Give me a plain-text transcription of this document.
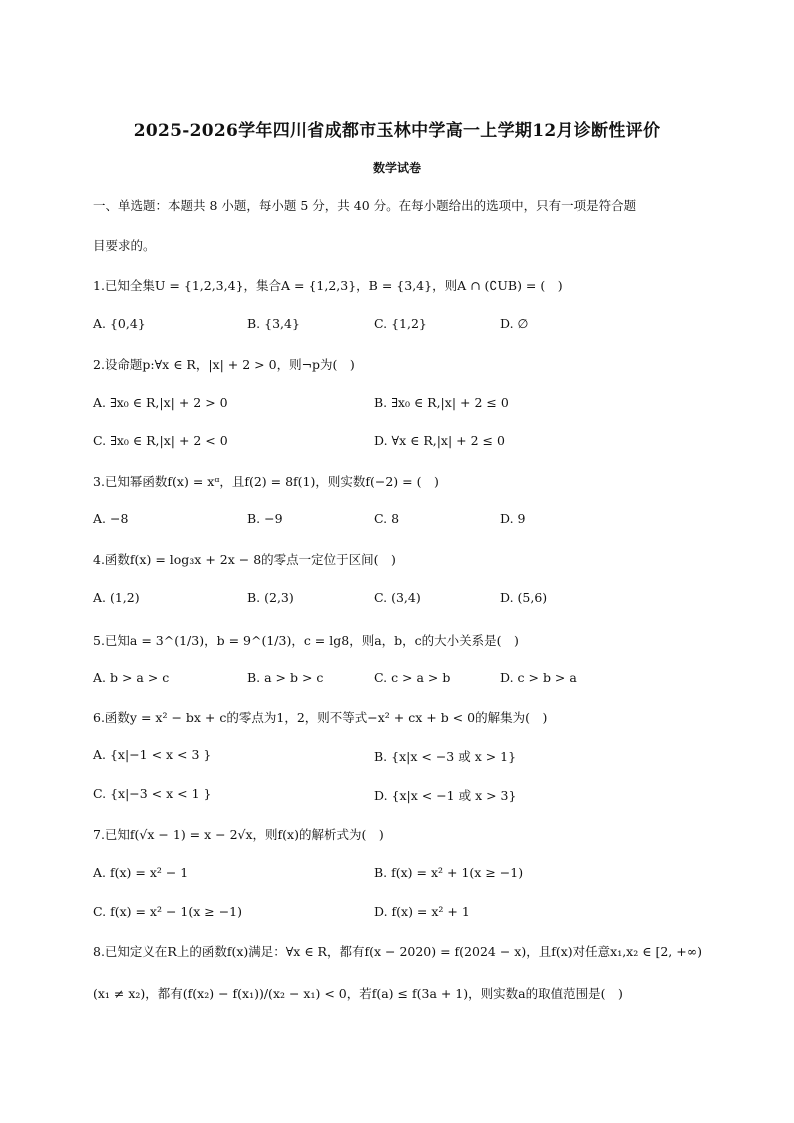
2025-2026学年四川省成都市玉林中学高一上学期12月诊断性评价
数学试卷
一、单选题：本题共 8 小题，每小题 5 分，共 40 分。在每小题给出的选项中，只有一项是符合题
目要求的。
1.已知全集U = {1,2,3,4}，集合A = {1,2,3}，B = {3,4}，则A ∩ (∁UB) = (　)
A. {0,4}	B. {3,4}	C. {1,2}	D. ∅
2.设命题p:∀x ∈ R，|x| + 2 > 0，则¬p为(　)
A. ∃x₀ ∈ R,|x| + 2 > 0	B. ∃x₀ ∈ R,|x| + 2 ≤ 0
C. ∃x₀ ∈ R,|x| + 2 < 0	D. ∀x ∈ R,|x| + 2 ≤ 0
3.已知幂函数f(x) = xᵅ，且f(2) = 8f(1)，则实数f(−2) = (　)
A. −8	B. −9	C. 8	D. 9
4.函数f(x) = log₃x + 2x − 8的零点一定位于区间(　)
A. (1,2)	B. (2,3)	C. (3,4)	D. (5,6)
5.已知a = 3^(1/3)，b = 9^(1/3)，c = lg8，则a，b，c的大小关系是(　)
A. b > a > c	B. a > b > c	C. c > a > b	D. c > b > a
6.函数y = x² − bx + c的零点为1，2，则不等式−x² + cx + b < 0的解集为(　)
A. {x|−1 < x < 3 }	B. {x|x < −3 或 x > 1}
C. {x|−3 < x < 1 }	D. {x|x < −1 或 x > 3}
7.已知f(√x − 1) = x − 2√x，则f(x)的解析式为(　)
A. f(x) = x² − 1	B. f(x) = x² + 1(x ≥ −1)
C. f(x) = x² − 1(x ≥ −1)	D. f(x) = x² + 1
8.已知定义在R上的函数f(x)满足：∀x ∈ R，都有f(x − 2020) = f(2024 − x)，且f(x)对任意x₁,x₂ ∈ [2, +∞)
(x₁ ≠ x₂)，都有(f(x₂) − f(x₁))/(x₂ − x₁) < 0，若f(a) ≤ f(3a + 1)，则实数a的取值范围是(　)
